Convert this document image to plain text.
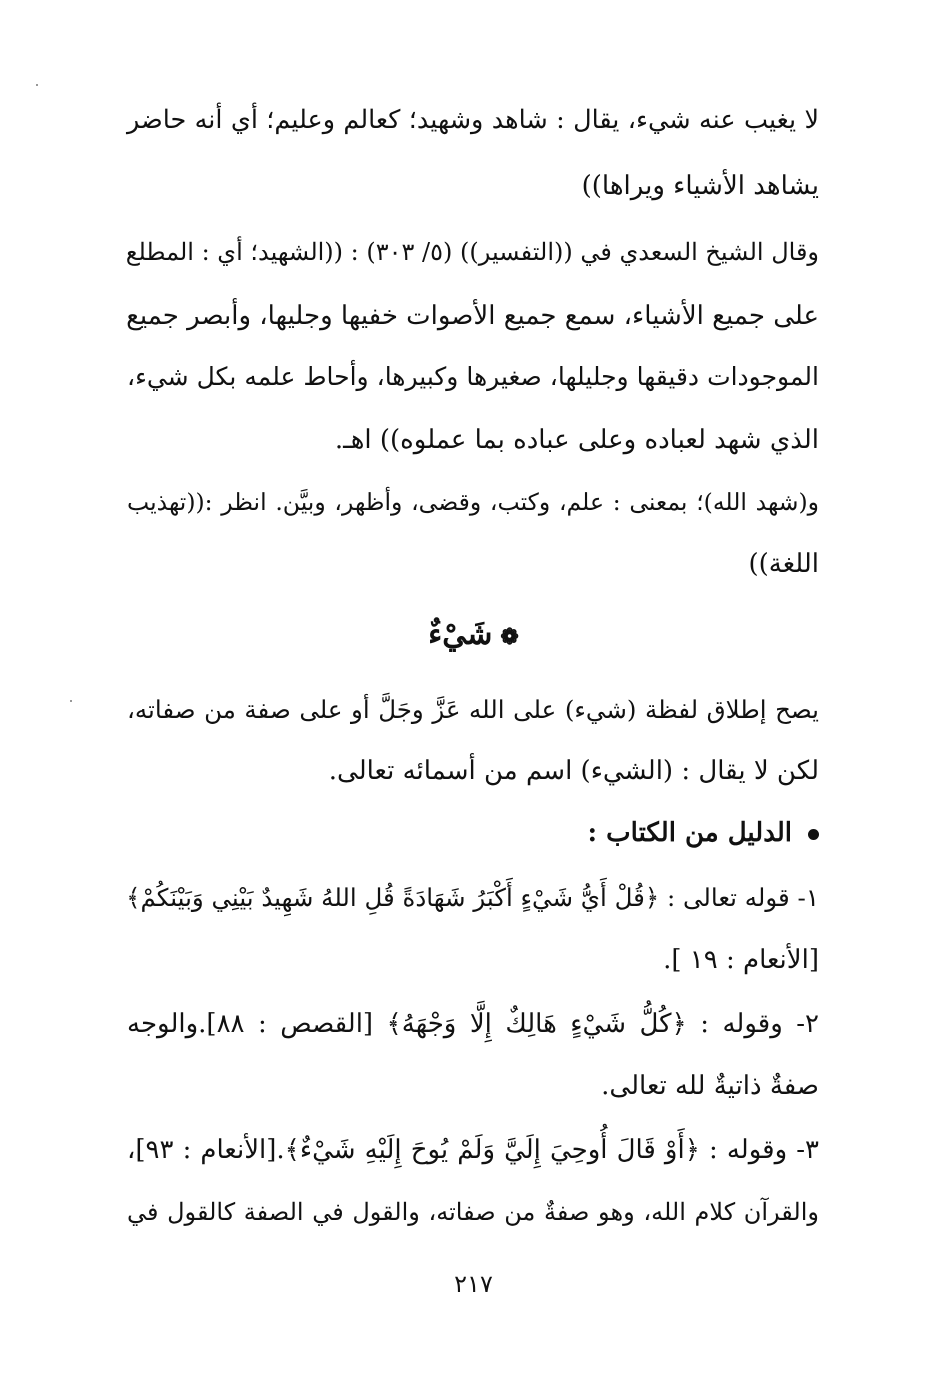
لا يغيب عنه شيء، يقال : شاهد وشهيد؛ كعالم وعليم؛ أي أنه حاضر
يشاهد الأشياء ويراها))
وقال الشيخ السعدي في ((التفسير)) (٥/ ٣٠٣) : ((الشهيد؛ أي : المطلع
على جميع الأشياء، سمع جميع الأصوات خفيها وجليها، وأبصر جميع
الموجودات دقيقها وجليلها، صغيرها وكبيرها، وأحاط علمه بكل شيء،
الذي شهد لعباده وعلى عباده بما عملوه)) اهـ.
و(شهد الله)؛ بمعنى : علم، وكتب، وقضى، وأظهر، وبيَّن. انظر :((تهذيب
اللغة))
❁شَيْءٌ
يصح إطلاق لفظة (شيء) على الله عَزَّ وجَلَّ أو على صفة من صفاته،
لكن لا يقال : (الشيء) اسم من أسمائه تعالى.
الدليل من الكتاب :
١- قوله تعالى : ﴿قُلْ أَيُّ شَيْءٍ أَكْبَرُ شَهَادَةً قُلِ اللهُ شَهِيدٌ بَيْنِي وَبَيْنَكُمْ﴾
[الأنعام : ١٩ ].
٢- وقوله : ﴿كُلُّ شَيْءٍ هَالِكٌ إِلَّا وَجْهَهُ﴾ [القصص : ٨٨].والوجه
صفةٌ ذاتيةٌ لله تعالى.
٣- وقوله : ﴿أَوْ قَالَ أُوحِيَ إِلَيَّ وَلَمْ يُوحَ إِلَيْهِ شَيْءٌ﴾.[الأنعام : ٩٣]،
والقرآن كلام الله، وهو صفةٌ من صفاته، والقول في الصفة كالقول في
٢١٧
